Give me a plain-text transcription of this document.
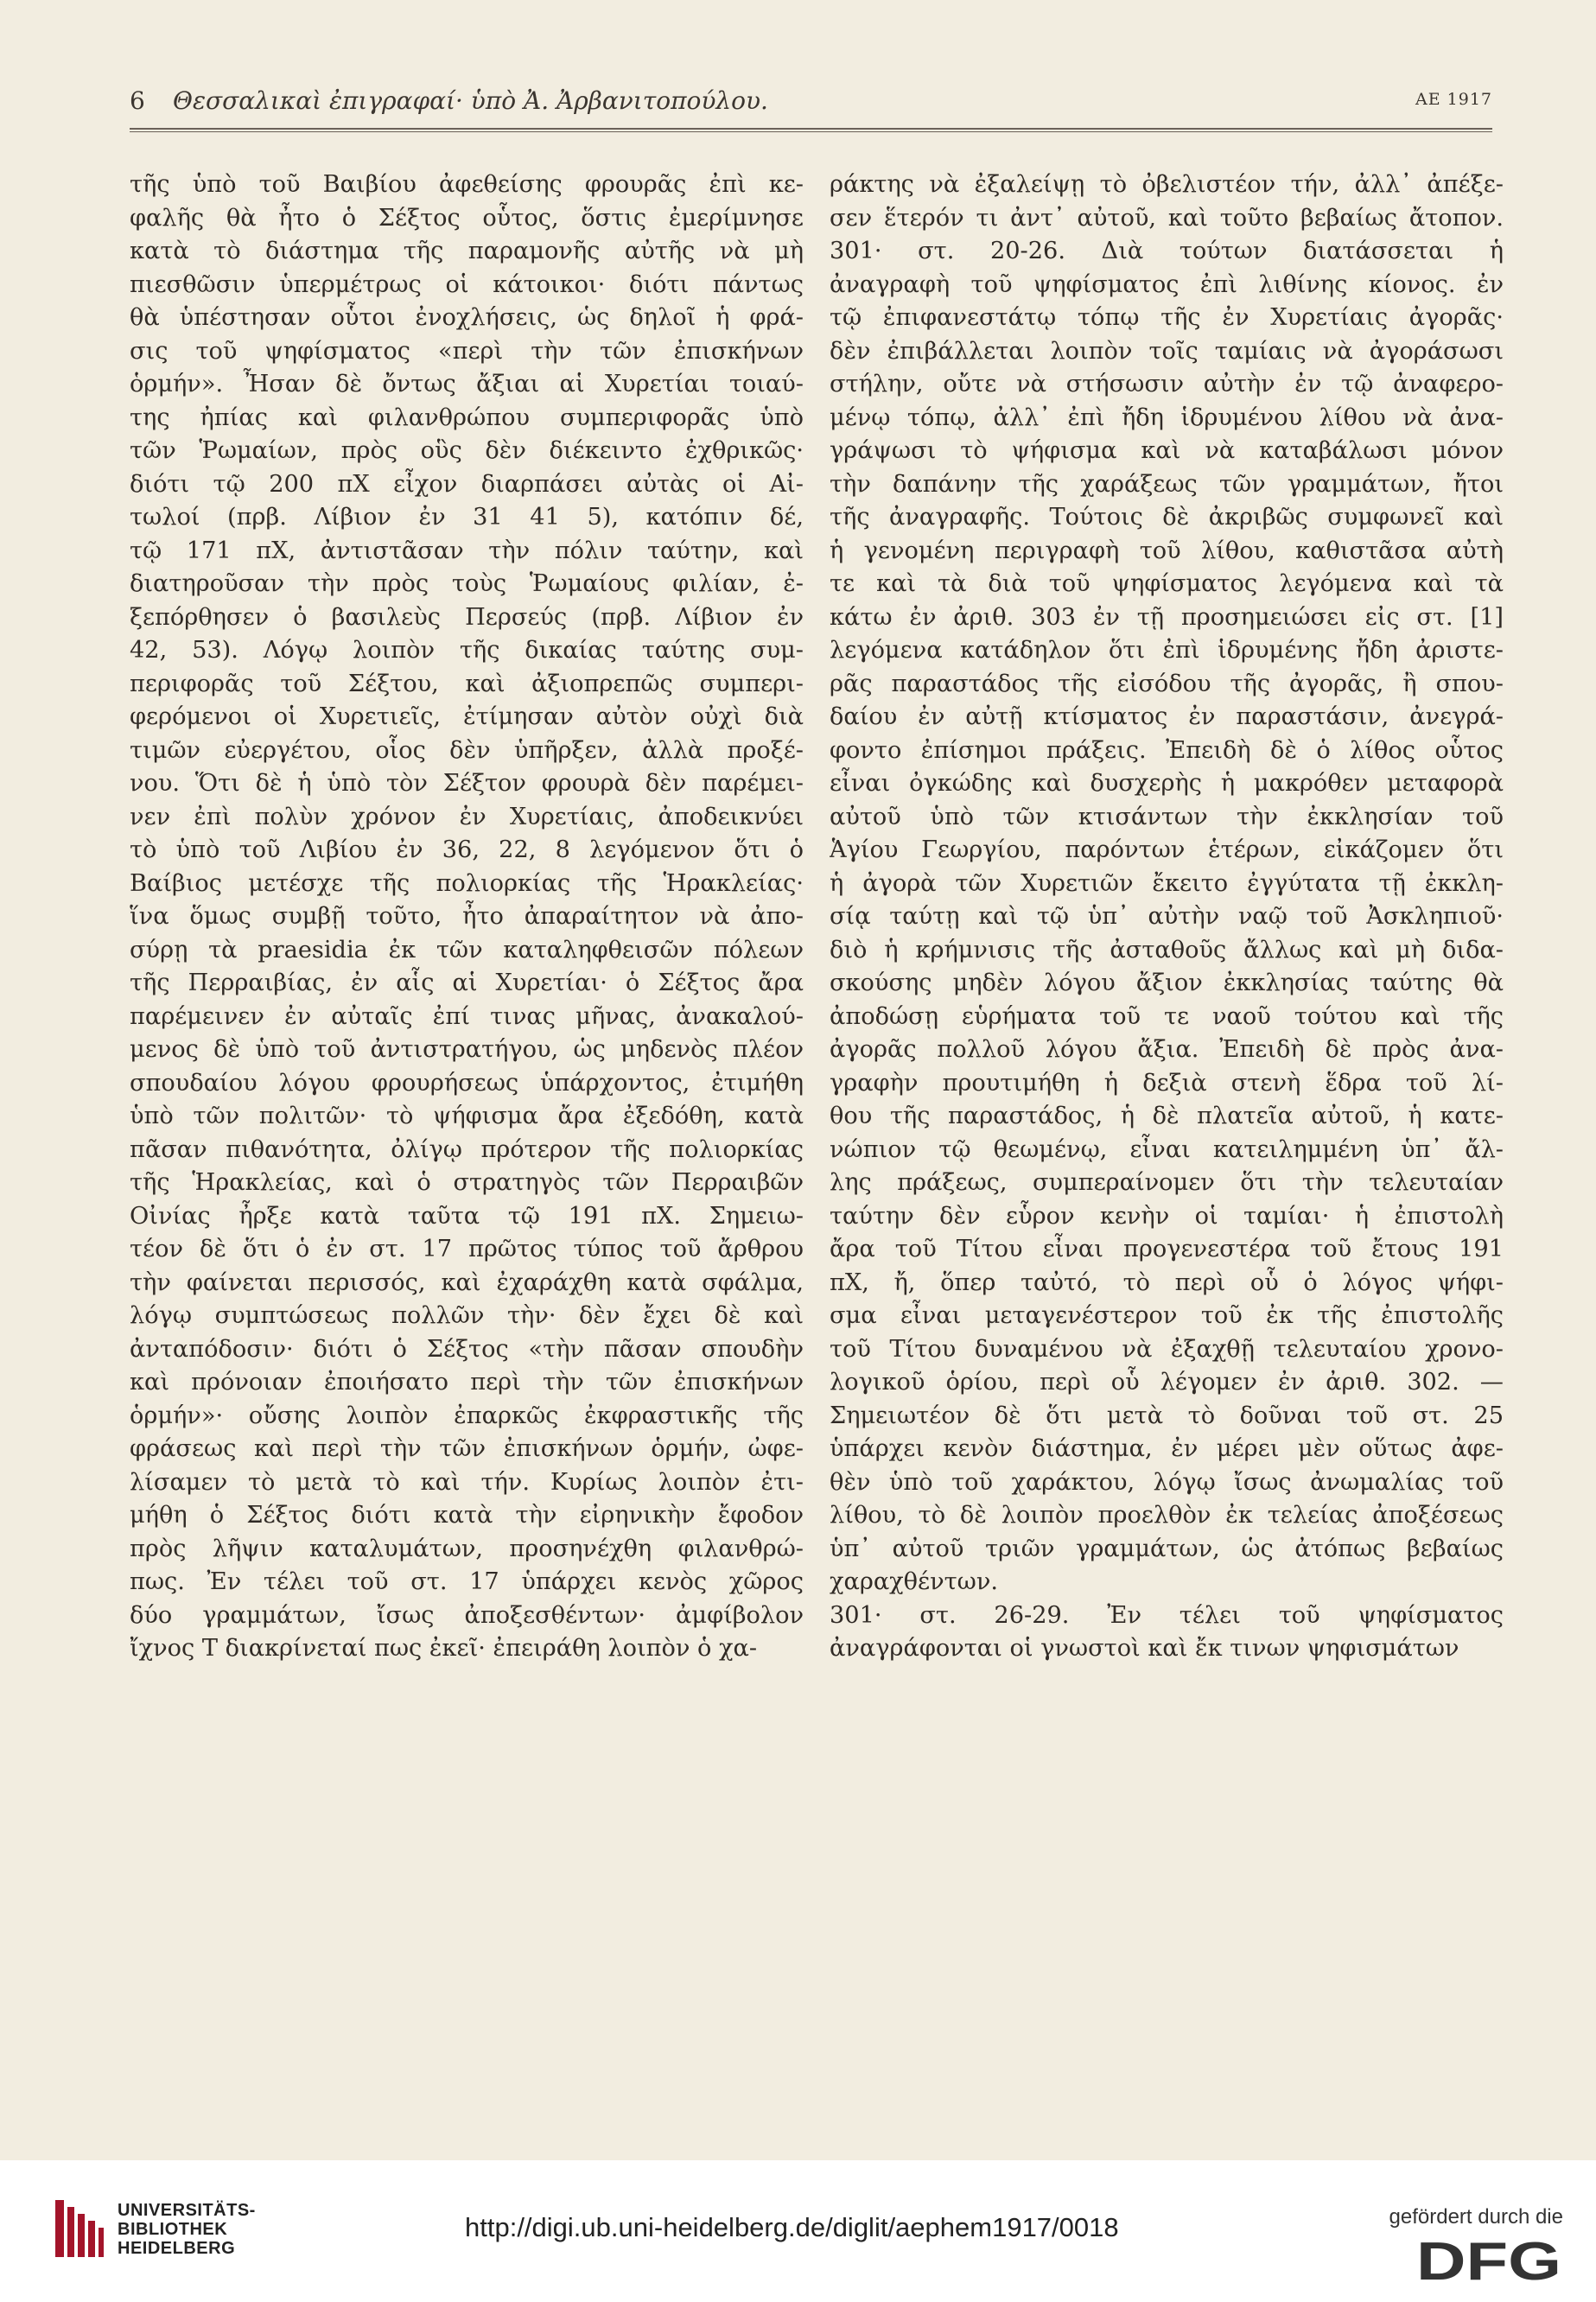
6 Θεσσαλικαὶ ἐπιγραφαί· ὑπὸ Ἀ. Ἀρβανιτοπούλου.	ΑΕ 1917
τῆς ὑπὸ τοῦ Βαιβίου ἀφεθείσης φρουρᾶς ἐπὶ κε-
φαλῆς θὰ ἦτο ὁ Σέξτος οὗτος, ὅστις ἐμερίμνησε
κατὰ τὸ διάστημα τῆς παραμονῆς αὐτῆς νὰ μὴ
πιεσθῶσιν ὑπερμέτρως οἱ κάτοικοι· διότι πάντως
θὰ ὑπέστησαν οὗτοι ἐνοχλήσεις, ὡς δηλοῖ ἡ φρά-
σις τοῦ ψηφίσματος «περὶ τὴν τῶν ἐπισκήνων
ὁρμήν». Ἦσαν δὲ ὄντως ἄξιαι αἱ Χυρετίαι τοιαύ-
της ἠπίας καὶ φιλανθρώπου συμπεριφορᾶς ὑπὸ
τῶν Ῥωμαίων, πρὸς οὓς δὲν διέκειντο ἐχθρικῶς·
διότι τῷ 200 πΧ εἶχον διαρπάσει αὐτὰς οἱ Αἰ-
τωλοί (πρβ. Λίβιον ἐν 31 41 5), κατόπιν δέ,
τῷ 171 πΧ, ἀντιστᾶσαν τὴν πόλιν ταύτην, καὶ
διατηροῦσαν τὴν πρὸς τοὺς Ῥωμαίους φιλίαν, ἐ-
ξεπόρθησεν ὁ βασιλεὺς Περσεύς (πρβ. Λίβιον ἐν
42, 53). Λόγῳ λοιπὸν τῆς δικαίας ταύτης συμ-
περιφορᾶς τοῦ Σέξτου, καὶ ἀξιοπρεπῶς συμπερι-
φερόμενοι οἱ Χυρετιεῖς, ἐτίμησαν αὐτὸν οὐχὶ διὰ
τιμῶν εὐεργέτου, οἷος δὲν ὑπῆρξεν, ἀλλὰ προξέ-
νου. Ὅτι δὲ ἡ ὑπὸ τὸν Σέξτον φρουρὰ δὲν παρέμει-
νεν ἐπὶ πολὺν χρόνον ἐν Χυρετίαις, ἀποδεικνύει
τὸ ὑπὸ τοῦ Λιβίου ἐν 36, 22, 8 λεγόμενον ὅτι ὁ
Βαίβιος μετέσχε τῆς πολιορκίας τῆς Ἡρακλείας·
ἵνα ὅμως συμβῇ τοῦτο, ἦτο ἀπαραίτητον νὰ ἀπο-
σύρῃ τὰ praesidia ἐκ τῶν καταληφθεισῶν πόλεων
τῆς Περραιβίας, ἐν αἷς αἱ Χυρετίαι· ὁ Σέξτος ἄρα
παρέμεινεν ἐν αὐταῖς ἐπί τινας μῆνας, ἀνακαλού-
μενος δὲ ὑπὸ τοῦ ἀντιστρατήγου, ὡς μηδενὸς πλέον
σπουδαίου λόγου φρουρήσεως ὑπάρχοντος, ἐτιμήθη
ὑπὸ τῶν πολιτῶν· τὸ ψήφισμα ἄρα ἐξεδόθη, κατὰ
πᾶσαν πιθανότητα, ὀλίγῳ πρότερον τῆς πολιορκίας
τῆς Ἡρακλείας, καὶ ὁ στρατηγὸς τῶν Περραιβῶν
Οἰνίας ἦρξε κατὰ ταῦτα τῷ 191 πΧ. Σημειω-
τέον δὲ ὅτι ὁ ἐν στ. 17 πρῶτος τύπος τοῦ ἄρθρου
τὴν φαίνεται περισσός, καὶ ἐχαράχθη κατὰ σφάλμα,
λόγῳ συμπτώσεως πολλῶν τὴν· δὲν ἔχει δὲ καὶ
ἀνταπόδοσιν· διότι ὁ Σέξτος «τὴν πᾶσαν σπουδὴν
καὶ πρόνοιαν ἐποιήσατο περὶ τὴν τῶν ἐπισκήνων
ὁρμήν»· οὔσης λοιπὸν ἐπαρκῶς ἐκφραστικῆς τῆς
φράσεως καὶ περὶ τὴν τῶν ἐπισκήνων ὁρμήν, ὠφε-
λίσαμεν τὸ μετὰ τὸ καὶ τήν. Κυρίως λοιπὸν ἐτι-
μήθη ὁ Σέξτος διότι κατὰ τὴν εἰρηνικὴν ἔφοδον
πρὸς λῆψιν καταλυμάτων, προσηνέχθη φιλανθρώ-
πως. Ἐν τέλει τοῦ στ. 17 ὑπάρχει κενὸς χῶρος
δύο γραμμάτων, ἴσως ἀποξεσθέντων· ἀμφίβολον
ἴχνος Τ διακρίνεταί πως ἐκεῖ· ἐπειράθη λοιπὸν ὁ χα-
ράκτης νὰ ἐξαλείψῃ τὸ ὀβελιστέον τήν, ἀλλ᾽ ἀπέξε-
σεν ἕτερόν τι ἀντ᾽ αὐτοῦ, καὶ τοῦτο βεβαίως ἄτοπον.
301· στ. 20-26. Διὰ τούτων διατάσσεται ἡ
ἀναγραφὴ τοῦ ψηφίσματος ἐπὶ λιθίνης κίονος. ἐν
τῷ ἐπιφανεστάτῳ τόπῳ τῆς ἐν Χυρετίαις ἀγορᾶς·
δὲν ἐπιβάλλεται λοιπὸν τοῖς ταμίαις νὰ ἀγοράσωσι
στήλην, οὔτε νὰ στήσωσιν αὐτὴν ἐν τῷ ἀναφερο-
μένῳ τόπῳ, ἀλλ᾽ ἐπὶ ἤδη ἱδρυμένου λίθου νὰ ἀνα-
γράψωσι τὸ ψήφισμα καὶ νὰ καταβάλωσι μόνον
τὴν δαπάνην τῆς χαράξεως τῶν γραμμάτων, ἤτοι
τῆς ἀναγραφῆς. Τούτοις δὲ ἀκριβῶς συμφωνεῖ καὶ
ἡ γενομένη περιγραφὴ τοῦ λίθου, καθιστᾶσα αὐτὴ
τε καὶ τὰ διὰ τοῦ ψηφίσματος λεγόμενα καὶ τὰ
κάτω ἐν ἀριθ. 303 ἐν τῇ προσημειώσει εἰς στ. [1]
λεγόμενα κατάδηλον ὅτι ἐπὶ ἱδρυμένης ἤδη ἀριστε-
ρᾶς παραστάδος τῆς εἰσόδου τῆς ἀγορᾶς, ἢ σπου-
δαίου ἐν αὐτῇ κτίσματος ἐν παραστάσιν, ἀνεγρά-
φοντο ἐπίσημοι πράξεις. Ἐπειδὴ δὲ ὁ λίθος οὗτος
εἶναι ὀγκώδης καὶ δυσχερὴς ἡ μακρόθεν μεταφορὰ
αὐτοῦ ὑπὸ τῶν κτισάντων τὴν ἐκκλησίαν τοῦ
Ἁγίου Γεωργίου, παρόντων ἑτέρων, εἰκάζομεν ὅτι
ἡ ἀγορὰ τῶν Χυρετιῶν ἔκειτο ἐγγύτατα τῇ ἐκκλη-
σίᾳ ταύτῃ καὶ τῷ ὑπ᾽ αὐτὴν ναῷ τοῦ Ἀσκληπιοῦ·
διὸ ἡ κρήμνισις τῆς ἀσταθοῦς ἄλλως καὶ μὴ διδα-
σκούσης μηδὲν λόγου ἄξιον ἐκκλησίας ταύτης θὰ
ἀποδώσῃ εὑρήματα τοῦ τε ναοῦ τούτου καὶ τῆς
ἀγορᾶς πολλοῦ λόγου ἄξια. Ἐπειδὴ δὲ πρὸς ἀνα-
γραφὴν προυτιμήθη ἡ δεξιὰ στενὴ ἕδρα τοῦ λί-
θου τῆς παραστάδος, ἡ δὲ πλατεῖα αὐτοῦ, ἡ κατε-
νώπιον τῷ θεωμένῳ, εἶναι κατειλημμένη ὑπ᾽ ἄλ-
λης πράξεως, συμπεραίνομεν ὅτι τὴν τελευταίαν
ταύτην δὲν εὗρον κενὴν οἱ ταμίαι· ἡ ἐπιστολὴ
ἄρα τοῦ Τίτου εἶναι προγενεστέρα τοῦ ἔτους 191
πΧ, ἤ, ὅπερ ταὐτό, τὸ περὶ οὗ ὁ λόγος ψήφι-
σμα εἶναι μεταγενέστερον τοῦ ἐκ τῆς ἐπιστολῆς
τοῦ Τίτου δυναμένου νὰ ἐξαχθῇ τελευταίου χρονο-
λογικοῦ ὁρίου, περὶ οὗ λέγομεν ἐν ἀριθ. 302. —
Σημειωτέον δὲ ὅτι μετὰ τὸ δοῦναι τοῦ στ. 25
ὑπάρχει κενὸν διάστημα, ἐν μέρει μὲν οὕτως ἀφε-
θὲν ὑπὸ τοῦ χαράκτου, λόγῳ ἴσως ἀνωμαλίας τοῦ
λίθου, τὸ δὲ λοιπὸν προελθὸν ἐκ τελείας ἀποξέσεως
ὑπ᾽ αὐτοῦ τριῶν γραμμάτων, ὡς ἀτόπως βεβαίως
χαραχθέντων.
301· στ. 26-29. Ἐν τέλει τοῦ ψηφίσματος
ἀναγράφονται οἱ γνωστοὶ καὶ ἔκ τινων ψηφισμάτων
UNIVERSITÄTS-
BIBLIOTHEK
HEIDELBERG
http://digi.ub.uni-heidelberg.de/diglit/aephem1917/0018	gefördert durch die
DFG
